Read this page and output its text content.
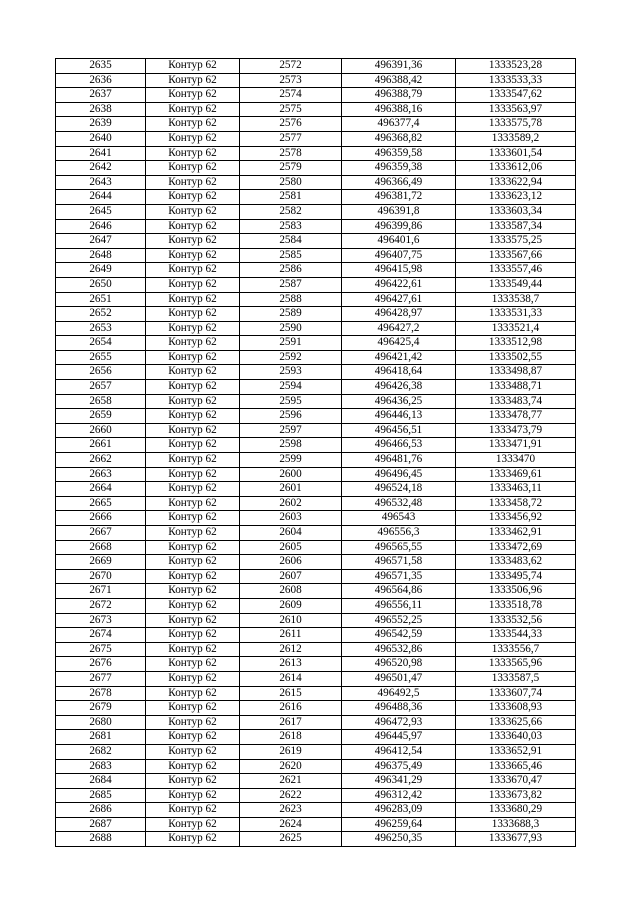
2635	Контур 62	2572	496391,36	1333523,28
2636	Контур 62	2573	496388,42	1333533,33
2637	Контур 62	2574	496388,79	1333547,62
2638	Контур 62	2575	496388,16	1333563,97
2639	Контур 62	2576	496377,4	1333575,78
2640	Контур 62	2577	496368,82	1333589,2
2641	Контур 62	2578	496359,58	1333601,54
2642	Контур 62	2579	496359,38	1333612,06
2643	Контур 62	2580	496366,49	1333622,94
2644	Контур 62	2581	496381,72	1333623,12
2645	Контур 62	2582	496391,8	1333603,34
2646	Контур 62	2583	496399,86	1333587,34
2647	Контур 62	2584	496401,6	1333575,25
2648	Контур 62	2585	496407,75	1333567,66
2649	Контур 62	2586	496415,98	1333557,46
2650	Контур 62	2587	496422,61	1333549,44
2651	Контур 62	2588	496427,61	1333538,7
2652	Контур 62	2589	496428,97	1333531,33
2653	Контур 62	2590	496427,2	1333521,4
2654	Контур 62	2591	496425,4	1333512,98
2655	Контур 62	2592	496421,42	1333502,55
2656	Контур 62	2593	496418,64	1333498,87
2657	Контур 62	2594	496426,38	1333488,71
2658	Контур 62	2595	496436,25	1333483,74
2659	Контур 62	2596	496446,13	1333478,77
2660	Контур 62	2597	496456,51	1333473,79
2661	Контур 62	2598	496466,53	1333471,91
2662	Контур 62	2599	496481,76	1333470
2663	Контур 62	2600	496496,45	1333469,61
2664	Контур 62	2601	496524,18	1333463,11
2665	Контур 62	2602	496532,48	1333458,72
2666	Контур 62	2603	496543	1333456,92
2667	Контур 62	2604	496556,3	1333462,91
2668	Контур 62	2605	496565,55	1333472,69
2669	Контур 62	2606	496571,58	1333483,62
2670	Контур 62	2607	496571,35	1333495,74
2671	Контур 62	2608	496564,86	1333506,96
2672	Контур 62	2609	496556,11	1333518,78
2673	Контур 62	2610	496552,25	1333532,56
2674	Контур 62	2611	496542,59	1333544,33
2675	Контур 62	2612	496532,86	1333556,7
2676	Контур 62	2613	496520,98	1333565,96
2677	Контур 62	2614	496501,47	1333587,5
2678	Контур 62	2615	496492,5	1333607,74
2679	Контур 62	2616	496488,36	1333608,93
2680	Контур 62	2617	496472,93	1333625,66
2681	Контур 62	2618	496445,97	1333640,03
2682	Контур 62	2619	496412,54	1333652,91
2683	Контур 62	2620	496375,49	1333665,46
2684	Контур 62	2621	496341,29	1333670,47
2685	Контур 62	2622	496312,42	1333673,82
2686	Контур 62	2623	496283,09	1333680,29
2687	Контур 62	2624	496259,64	1333688,3
2688	Контур 62	2625	496250,35	1333677,93
